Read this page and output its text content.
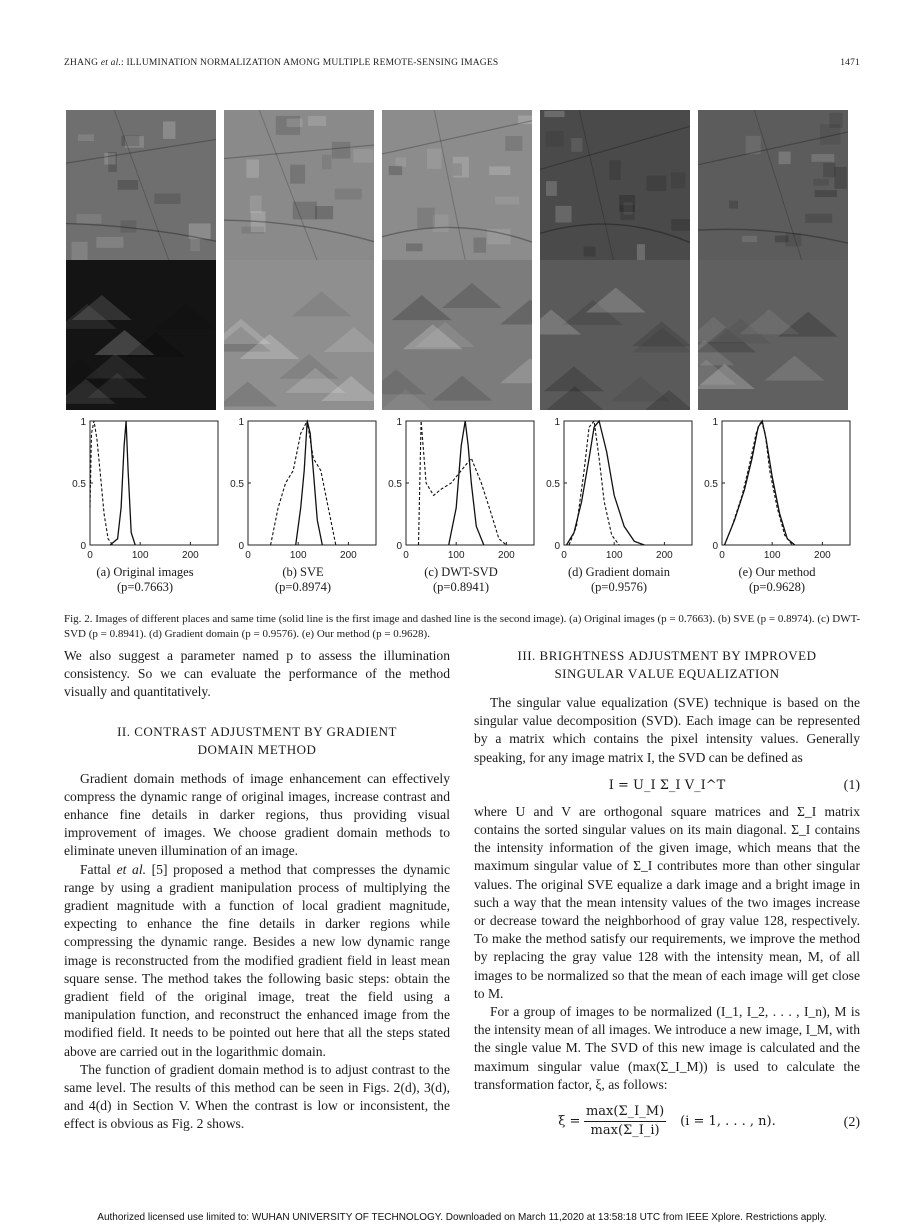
ZHANG et al.: ILLUMINATION NORMALIZATION AMONG MULTIPLE REMOTE-SENSING IMAGES	1471
0
0.5
1
0	100	200
(a) Original images
(p=0.7663)
0
0.5
1
0	100	200
(b) SVE
(p=0.8974)
0
0.5
1
0	100	200
(c) DWT-SVD
(p=0.8941)
0
0.5
1
0	100	200
(d) Gradient domain
(p=0.9576)
0
0.5
1
0	100	200
(e) Our method
(p=0.9628)
Fig. 2. Images of different places and same time (solid line is the first image and dashed line is the second image). (a) Original images (p = 0.7663). (b) SVE (p = 0.8974). (c) DWT-SVD (p = 0.8941). (d) Gradient domain (p = 0.9576). (e) Our method (p = 0.9628).

We also suggest a parameter named p to assess the illumination consistency. So we can evaluate the performance of the method visually and quantitatively.

II. CONTRAST ADJUSTMENT BY GRADIENT
DOMAIN METHOD

Gradient domain methods of image enhancement can effectively compress the dynamic range of original images, increase contrast and enhance fine details in darker regions, thus providing visual improvement of images. We choose gradient domain methods to eliminate uneven illumination of an image.

Fattal et al. [5] proposed a method that compresses the dynamic range by using a gradient manipulation process of multiplying the gradient magnitude with a function of local gradient magnitude, expecting to enhance the fine details in darker regions while compressing the dynamic range. Besides a new low dynamic range image is reconstructed from the modified gradient field in least mean square sense. The method takes the following basic steps: obtain the gradient field of the original image, treat the field using a manipulation function, and reconstruct the enhanced image from the modified field. It needs to be pointed out here that all the steps stated above are carried out in the logarithmic domain.

The function of gradient domain method is to adjust contrast to the same level. The results of this method can be seen in Figs. 2(d), 3(d), and 4(d) in Section V. When the contrast is low or inconsistent, the effect is obvious as Fig. 2 shows.

III. BRIGHTNESS ADJUSTMENT BY IMPROVED
SINGULAR VALUE EQUALIZATION

The singular value equalization (SVE) technique is based on the singular value decomposition (SVD). Each image can be represented by a matrix which contains the pixel intensity values. Generally speaking, for any image matrix I, the SVD can be defined as

I = U_I Σ_I V_I^T	(1)

where U and V are orthogonal square matrices and Σ_I matrix contains the sorted singular values on its main diagonal. Σ_I contains the intensity information of the given image, which means that the maximum singular value of Σ_I contributes more than other singular values. The original SVE equalize a dark image and a bright image in such a way that the mean intensity values of the two images increase or decrease toward the neighborhood of gray value 128, respectively. To make the method satisfy our requirements, we improve the method by replacing the gray value 128 with the intensity mean, M, of all images to be normalized so that the mean of each image will get close to M.

For a group of images to be normalized (I_1, I_2, . . . , I_n), M is the intensity mean of all images. We introduce a new image, I_M, with the single value M. The SVD of this new image is calculated and the maximum singular value (max(Σ_I_M)) is used to calculate the transformation factor, ξ, as follows:

$\xi = \frac{\max(\Sigma\_I\_M)}{\max(\Sigma\_I\_i)} (i = 1$, . . . , n).	(2)
Authorized licensed use limited to: WUHAN UNIVERSITY OF TECHNOLOGY. Downloaded on March 11,2020 at 13:58:18 UTC from IEEE Xplore. Restrictions apply.
